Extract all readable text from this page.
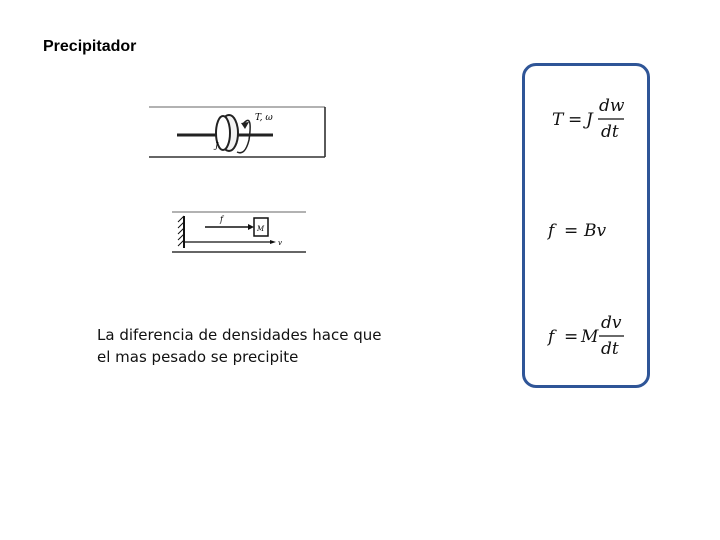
Precipitador
T, ω
J
f
M
v
La diferencia de densidades hace que
el mas pesado se precipite
T = J
dw
dt
f = Bv
f = M
dv
dt
